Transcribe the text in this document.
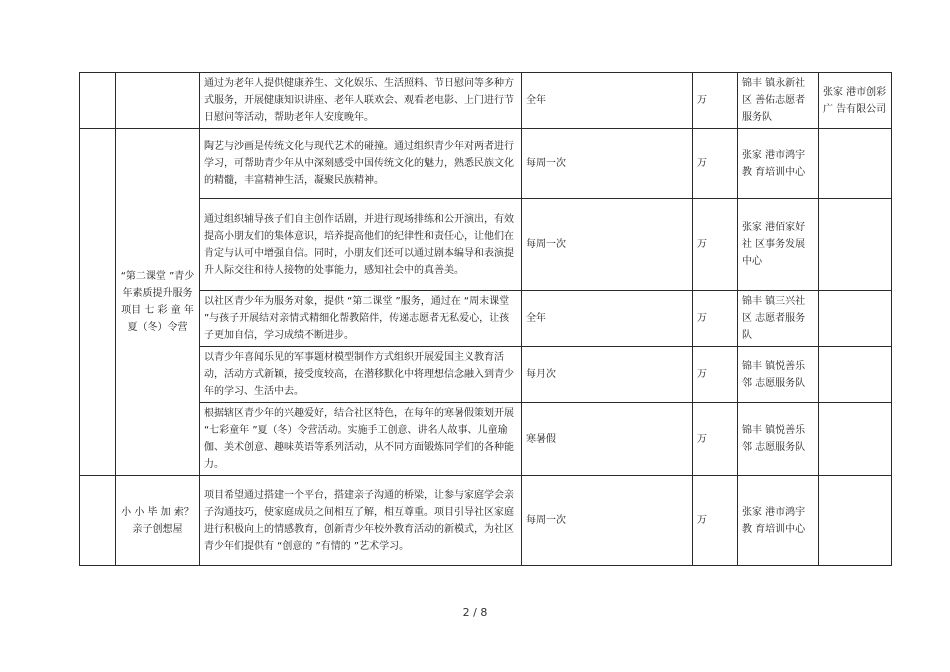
		通过为老年人提供健康养生、文化娱乐、生活照料、节日慰问等多种方式服务，开展健康知识讲座、老年人联欢会、观看老电影、上门进行节日慰问等活动，帮助老年人安度晚年。	全年	万	锦丰 镇永新社区 善佑志愿者服务队	张家 港市创彩广 告有限公司
	“第二课堂 ”青少年素质提升服务项目 七 彩 童 年 夏（冬）令营	陶艺与沙画是传统文化与现代艺术的碰撞。通过组织青少年对两者进行学习，可帮助青少年从中深刻感受中国传统文化的魅力，熟悉民族文化的精髓，丰富精神生活，凝聚民族精神。	每周一次	万	张家 港市鸿宇教 育培训中心	
		通过组织辅导孩子们自主创作话剧，并进行现场排练和公开演出，有效提高小朋友们的集体意识，培养提高他们的纪律性和责任心，让他们在肯定与认可中增强自信。同时，小朋友们还可以通过剧本编导和表演提升人际交往和待人接物的处事能力，感知社会中的真善美。	每周一次	万	张家 港佰家好社 区事务发展中心	
		以社区青少年为服务对象，提供 “第二课堂 ”服务，通过在 “周末课堂 ”与孩子开展结对亲情式精细化帮教陪伴，传递志愿者无私爱心，让孩子更加自信，学习成绩不断进步。	全年	万	锦丰 镇三兴社区 志愿者服务队	
		以青少年喜闻乐见的军事题材模型制作方式组织开展爱国主义教育活动，活动方式新颖，接受度较高，在潜移默化中将理想信念融入到青少年的学习、生活中去。	每月次	万	锦丰 镇悦善乐邻 志愿服务队	
		根据辖区青少年的兴趣爱好，结合社区特色，在每年的寒暑假策划开展 “七彩童年 ”夏（冬）令营活动。实施手工创意、讲名人故事、儿童瑜伽、美术创意、趣味英语等系列活动，从不同方面锻炼同学们的各种能力。	寒暑假	万	锦丰 镇悦善乐邻 志愿服务队	
	小 小 毕 加 索？亲子创想屋	项目希望通过搭建一个平台，搭建亲子沟通的桥梁，让参与家庭学会亲子沟通技巧，使家庭成员之间相互了解，相互尊重。项目引导社区家庭进行积极向上的情感教育，创新青少年校外教育活动的新模式，为社区青少年们提供有 “创意的 ”有情的 ”艺术学习。	每周一次	万	张家 港市鸿宇教 育培训中心	
2 / 8
